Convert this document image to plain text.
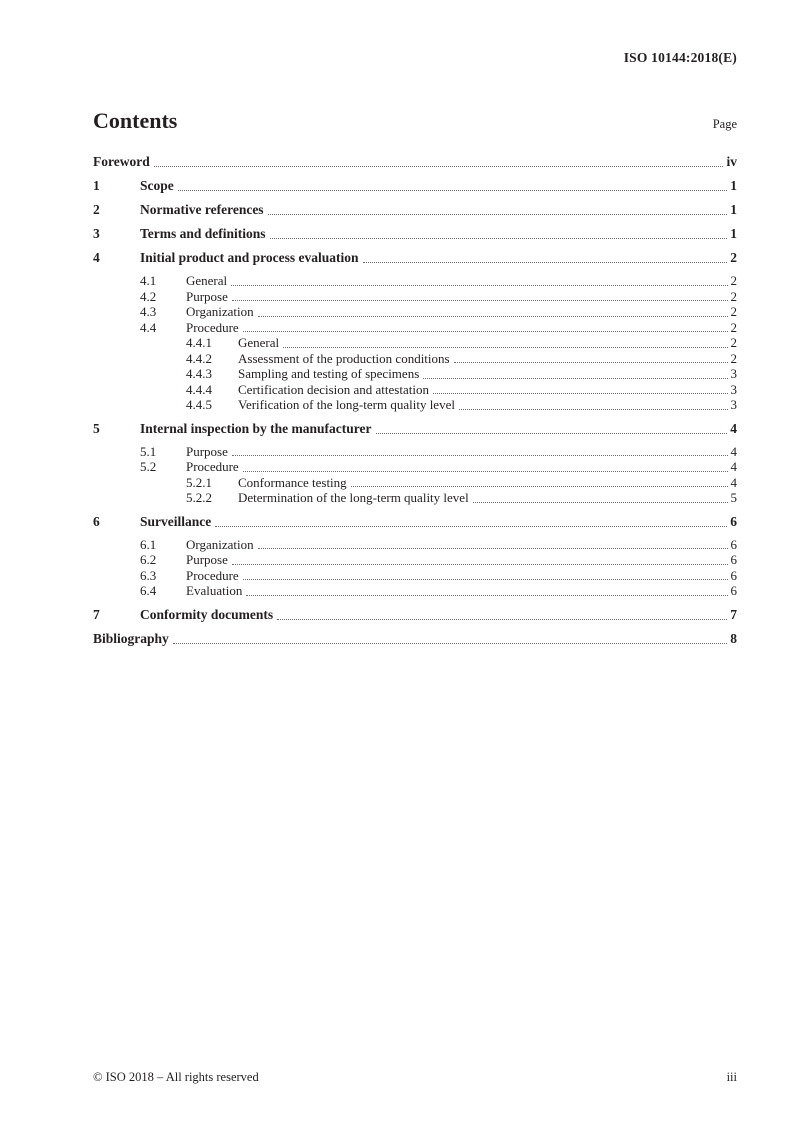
ISO 10144:2018(E)
Contents	Page
Foreword	iv
1	Scope	1
2	Normative references	1
3	Terms and definitions	1
4	Initial product and process evaluation	2
4.1	General	2
4.2	Purpose	2
4.3	Organization	2
4.4	Procedure	2
4.4.1	General	2
4.4.2	Assessment of the production conditions	2
4.4.3	Sampling and testing of specimens	3
4.4.4	Certification decision and attestation	3
4.4.5	Verification of the long-term quality level	3
5	Internal inspection by the manufacturer	4
5.1	Purpose	4
5.2	Procedure	4
5.2.1	Conformance testing	4
5.2.2	Determination of the long-term quality level	5
6	Surveillance	6
6.1	Organization	6
6.2	Purpose	6
6.3	Procedure	6
6.4	Evaluation	6
7	Conformity documents	7
Bibliography	8
© ISO 2018 – All rights reserved	iii
